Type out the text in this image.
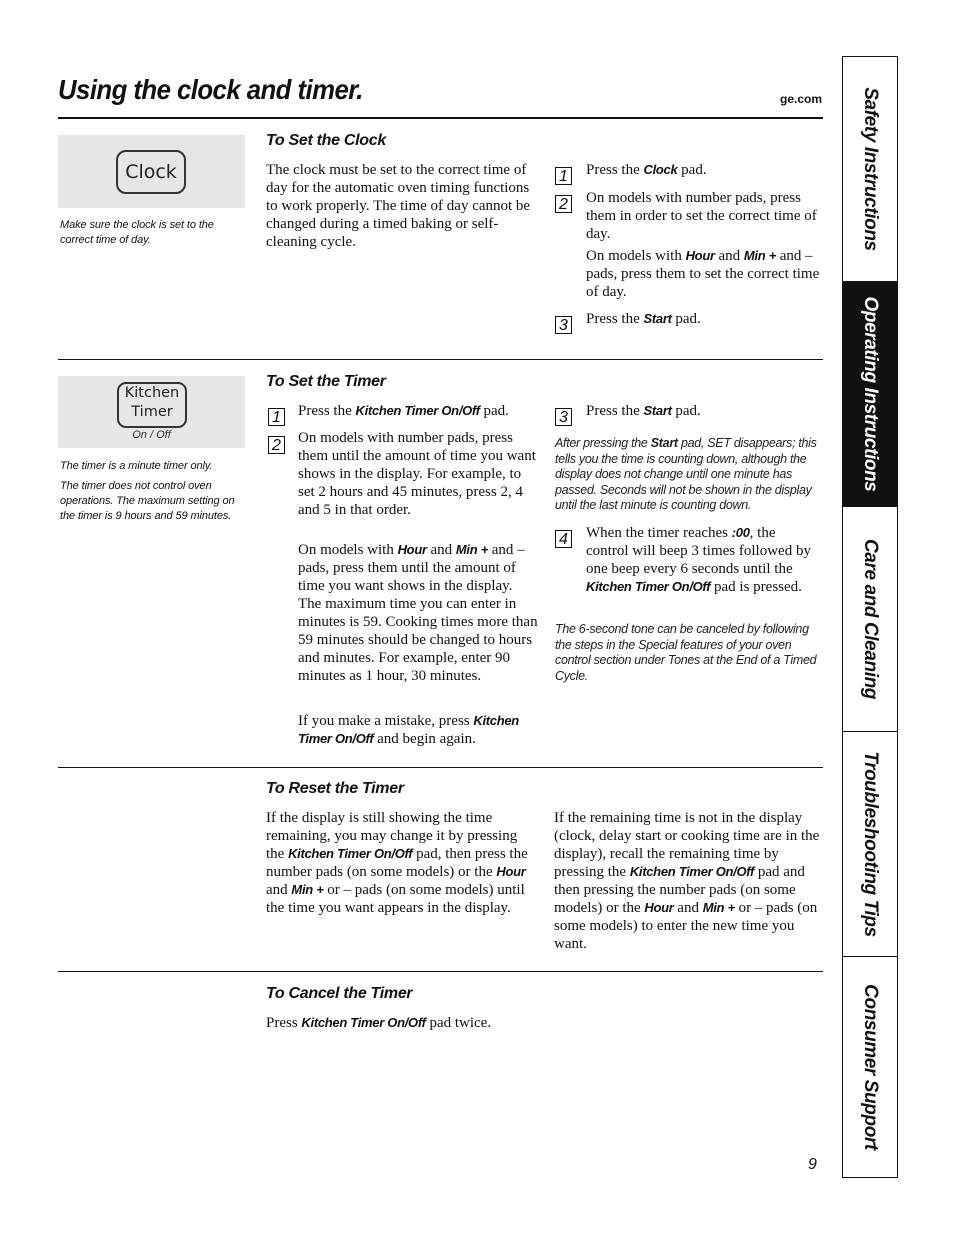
Using the clock and timer.	ge.com Safety Instructions
Operating Instructions
Care and Cleaning
Troubleshooting Tips
Consumer Support
Clock
Make sure the clock is set to the correct time of day.
To Set the Clock
The clock must be set to the correct time of day for the automatic oven timing functions to work properly. The time of day cannot be changed during a timed baking or self-cleaning cycle.
1 Press the Clock pad.
2 On models with number pads, press them in order to set the correct time of day.
On models with Hour and Min + and – pads, press them to set the correct time of day.
3 Press the Start pad.
Kitchen
Timer
On / Off

The timer is a minute timer only.

The timer does not control oven operations. The maximum setting on the timer is 9 hours and 59 minutes.

To Set the Timer
1 Press the Kitchen Timer On/Off pad.
2 On models with number pads, press them until the amount of time you want shows in the display. For example, to set 2 hours and 45 minutes, press 2, 4 and 5 in that order.
On models with Hour and Min + and – pads, press them until the amount of time you want shows in the display. The maximum time you can enter in minutes is 59. Cooking times more than 59 minutes should be changed to hours and minutes. For example, enter 90 minutes as 1 hour, 30 minutes.
If you make a mistake, press Kitchen Timer On/Off and begin again.
3 Press the Start pad.
After pressing the Start pad, SET disappears; this tells you the time is counting down, although the display does not change until one minute has passed. Seconds will not be shown in the display until the last minute is counting down.
4 When the timer reaches :00, the control will beep 3 times followed by one beep every 6 seconds until the Kitchen Timer On/Off pad is pressed.
The 6-second tone can be canceled by following the steps in the Special features of your oven control section under Tones at the End of a Timed Cycle.
To Reset the Timer
If the display is still showing the time remaining, you may change it by pressing the Kitchen Timer On/Off pad, then press the number pads (on some models) or the Hour and Min + or – pads (on some models) until the time you want appears in the display.
If the remaining time is not in the display (clock, delay start or cooking time are in the display), recall the remaining time by pressing the Kitchen Timer On/Off pad and then pressing the number pads (on some models) or the Hour and Min + or – pads (on some models) to enter the new time you want.
To Cancel the Timer
Press Kitchen Timer On/Off pad twice.
9
